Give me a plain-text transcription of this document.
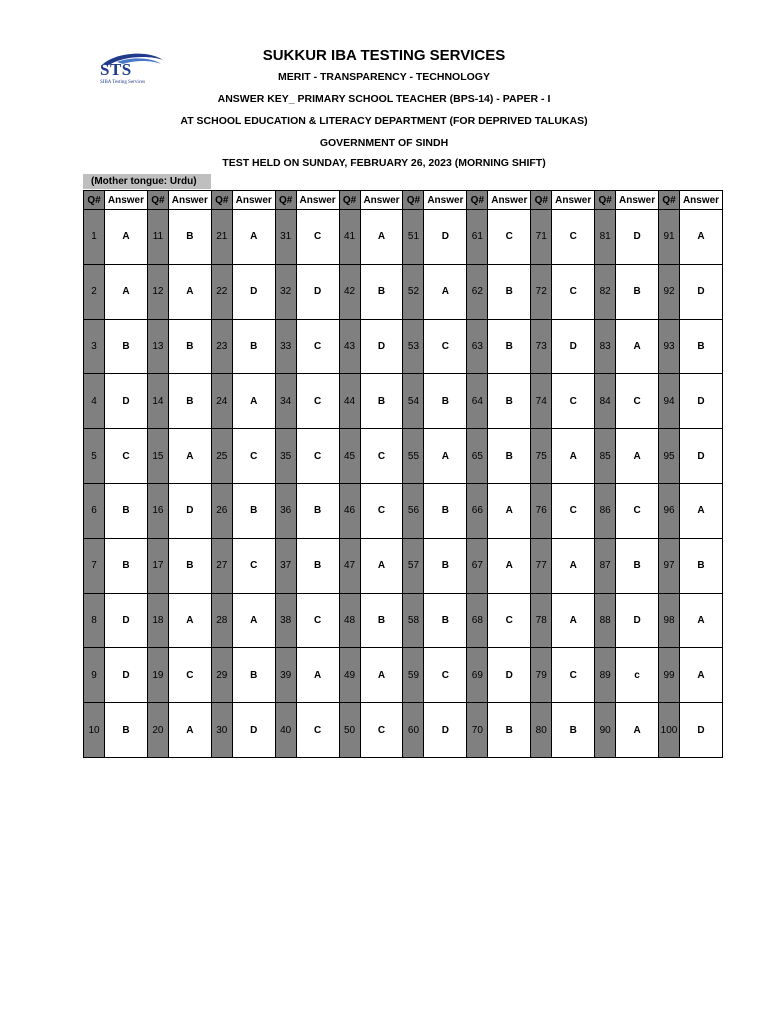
STS
SIBA Testing Services
SUKKUR IBA TESTING SERVICES
MERIT - TRANSPARENCY - TECHNOLOGY
ANSWER KEY_ PRIMARY SCHOOL TEACHER (BPS-14) - PAPER - I
AT SCHOOL EDUCATION & LITERACY DEPARTMENT (FOR DEPRIVED TALUKAS)
GOVERNMENT OF SINDH
TEST HELD ON SUNDAY, FEBRUARY 26, 2023 (MORNING SHIFT)
(Mother tongue: Urdu)
Q#	Answer	Q#	Answer	Q#	Answer	Q#	Answer	Q#	Answer	Q#	Answer	Q#	Answer	Q#	Answer	Q#	Answer	Q#	Answer
1	A	11	B	21	A	31	C	41	A	51	D	61	C	71	C	81	D	91	A
2	A	12	A	22	D	32	D	42	B	52	A	62	B	72	C	82	B	92	D
3	B	13	B	23	B	33	C	43	D	53	C	63	B	73	D	83	A	93	B
4	D	14	B	24	A	34	C	44	B	54	B	64	B	74	C	84	C	94	D
5	C	15	A	25	C	35	C	45	C	55	A	65	B	75	A	85	A	95	D
6	B	16	D	26	B	36	B	46	C	56	B	66	A	76	C	86	C	96	A
7	B	17	B	27	C	37	B	47	A	57	B	67	A	77	A	87	B	97	B
8	D	18	A	28	A	38	C	48	B	58	B	68	C	78	A	88	D	98	A
9	D	19	C	29	B	39	A	49	A	59	C	69	D	79	C	89	c	99	A
10	B	20	A	30	D	40	C	50	C	60	D	70	B	80	B	90	A	100	D
